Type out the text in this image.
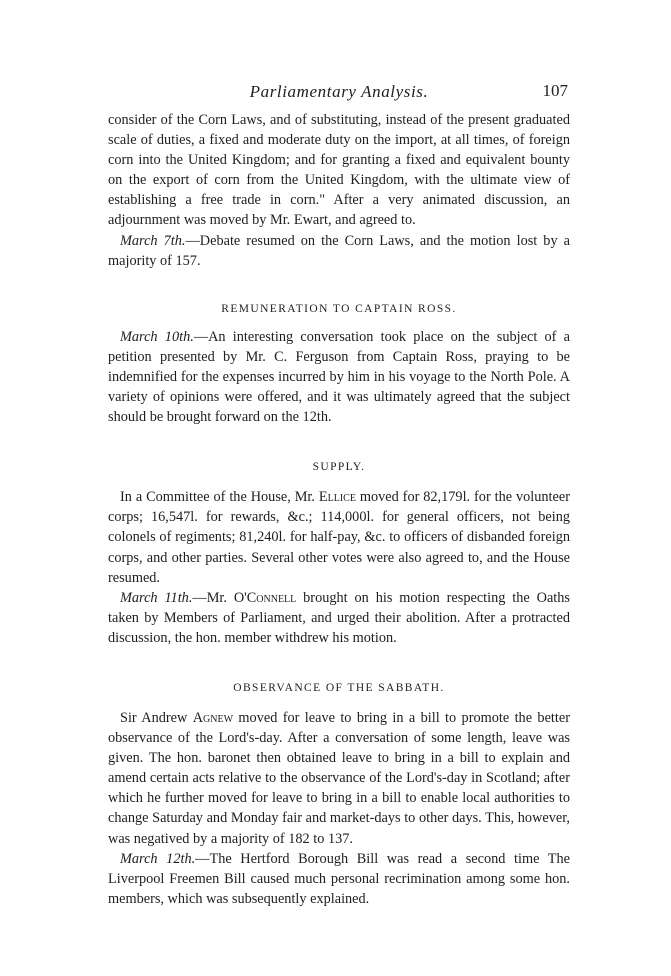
Parliamentary Analysis.	107

consider of the Corn Laws, and of substituting, instead of the present graduated scale of duties, a fixed and moderate duty on the import, at all times, of foreign corn into the United Kingdom; and for granting a fixed and equivalent bounty on the export of corn from the United Kingdom, with the ultimate view of establishing a free trade in corn." After a very animated discussion, an adjournment was moved by Mr. Ewart, and agreed to.

March 7th.—Debate resumed on the Corn Laws, and the motion lost by a majority of 157.

REMUNERATION TO CAPTAIN ROSS.

March 10th.—An interesting conversation took place on the subject of a petition presented by Mr. C. Ferguson from Captain Ross, praying to be indemnified for the expenses incurred by him in his voyage to the North Pole. A variety of opinions were offered, and it was ultimately agreed that the subject should be brought forward on the 12th.

SUPPLY.

In a Committee of the House, Mr. Ellice moved for 82,179l. for the volunteer corps; 16,547l. for rewards, &c.; 114,000l. for general officers, not being colonels of regiments; 81,240l. for half-pay, &c. to officers of disbanded foreign corps, and other parties. Several other votes were also agreed to, and the House resumed.

March 11th.—Mr. O'Connell brought on his motion respecting the Oaths taken by Members of Parliament, and urged their abolition. After a protracted discussion, the hon. member withdrew his motion.

OBSERVANCE OF THE SABBATH.

Sir Andrew Agnew moved for leave to bring in a bill to promote the better observance of the Lord's-day. After a conversation of some length, leave was given. The hon. baronet then obtained leave to bring in a bill to explain and amend certain acts relative to the observance of the Lord's-day in Scotland; after which he further moved for leave to bring in a bill to enable local authorities to change Saturday and Monday fair and market-days to other days. This, however, was negatived by a majority of 182 to 137.

March 12th.—The Hertford Borough Bill was read a second time The Liverpool Freemen Bill caused much personal recrimination among some hon. members, which was subsequently explained.
